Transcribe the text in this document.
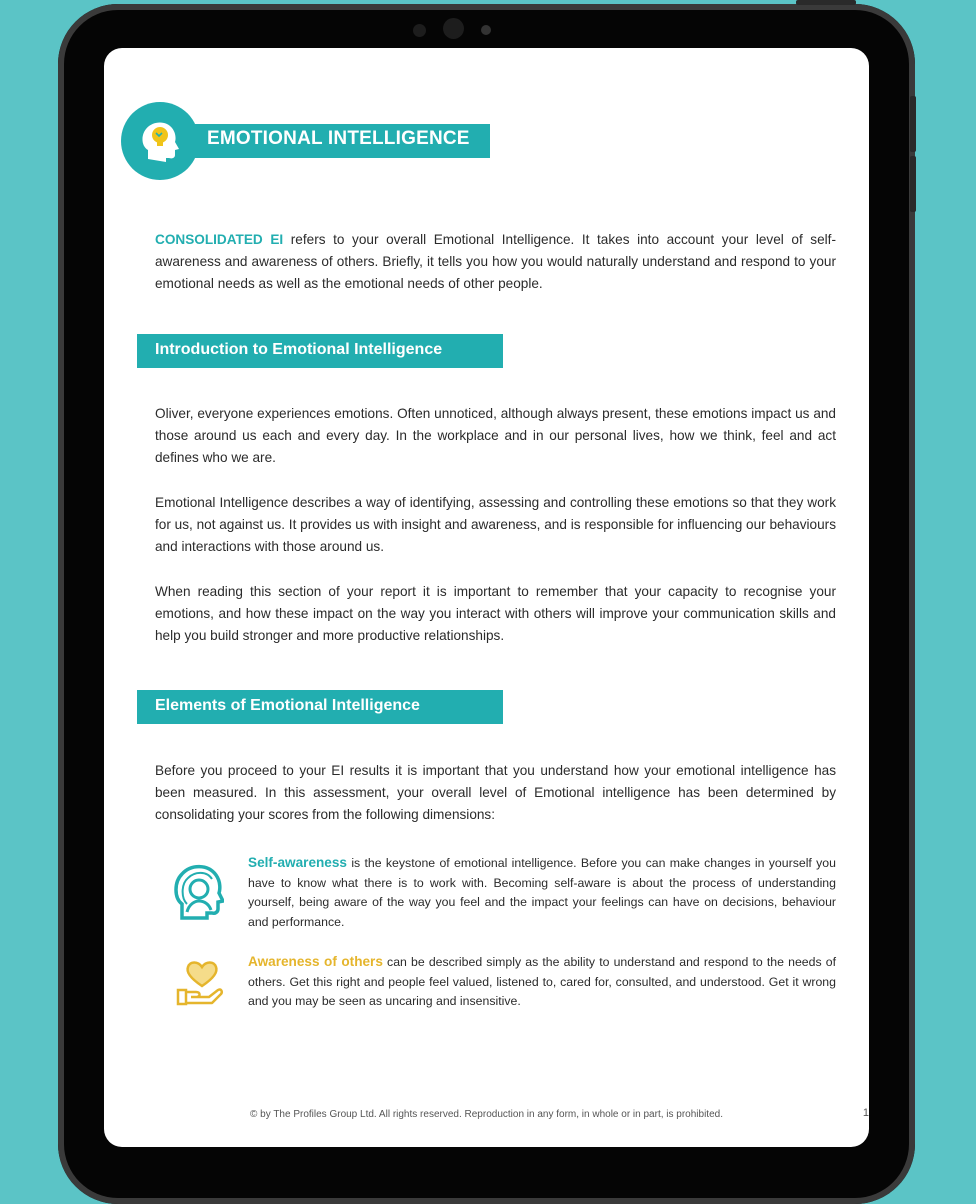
EMOTIONAL INTELLIGENCE

CONSOLIDATED EI refers to your overall Emotional Intelligence. It takes into account your level of self-awareness and awareness of others. Briefly, it tells you how you would naturally understand and respond to your emotional needs as well as the emotional needs of other people.

Introduction to Emotional Intelligence

Oliver, everyone experiences emotions. Often unnoticed, although always present, these emotions impact us and those around us each and every day. In the workplace and in our personal lives, how we think, feel and act defines who we are.

Emotional Intelligence describes a way of identifying, assessing and controlling these emotions so that they work for us, not against us. It provides us with insight and awareness, and is responsible for influencing our behaviours and interactions with those around us.

When reading this section of your report it is important to remember that your capacity to recognise your emotions, and how these impact on the way you interact with others will improve your communication skills and help you build stronger and more productive relationships.

Elements of Emotional Intelligence

Before you proceed to your EI results it is important that you understand how your emotional intelligence has been measured. In this assessment, your overall level of Emotional intelligence has been determined by consolidating your scores from the following dimensions:

Self-awareness is the keystone of emotional intelligence. Before you can make changes in yourself you have to know what there is to work with. Becoming self-aware is about the process of understanding yourself, being aware of the way you feel and the impact your feelings can have on decisions, behaviour and performance.

Awareness of others can be described simply as the ability to understand and respond to the needs of others. Get this right and people feel valued, listened to, cared for, consulted, and understood. Get it wrong and you may be seen as uncaring and insensitive.

© by The Profiles Group Ltd. All rights reserved. Reproduction in any form, in whole or in part, is prohibited.	1
